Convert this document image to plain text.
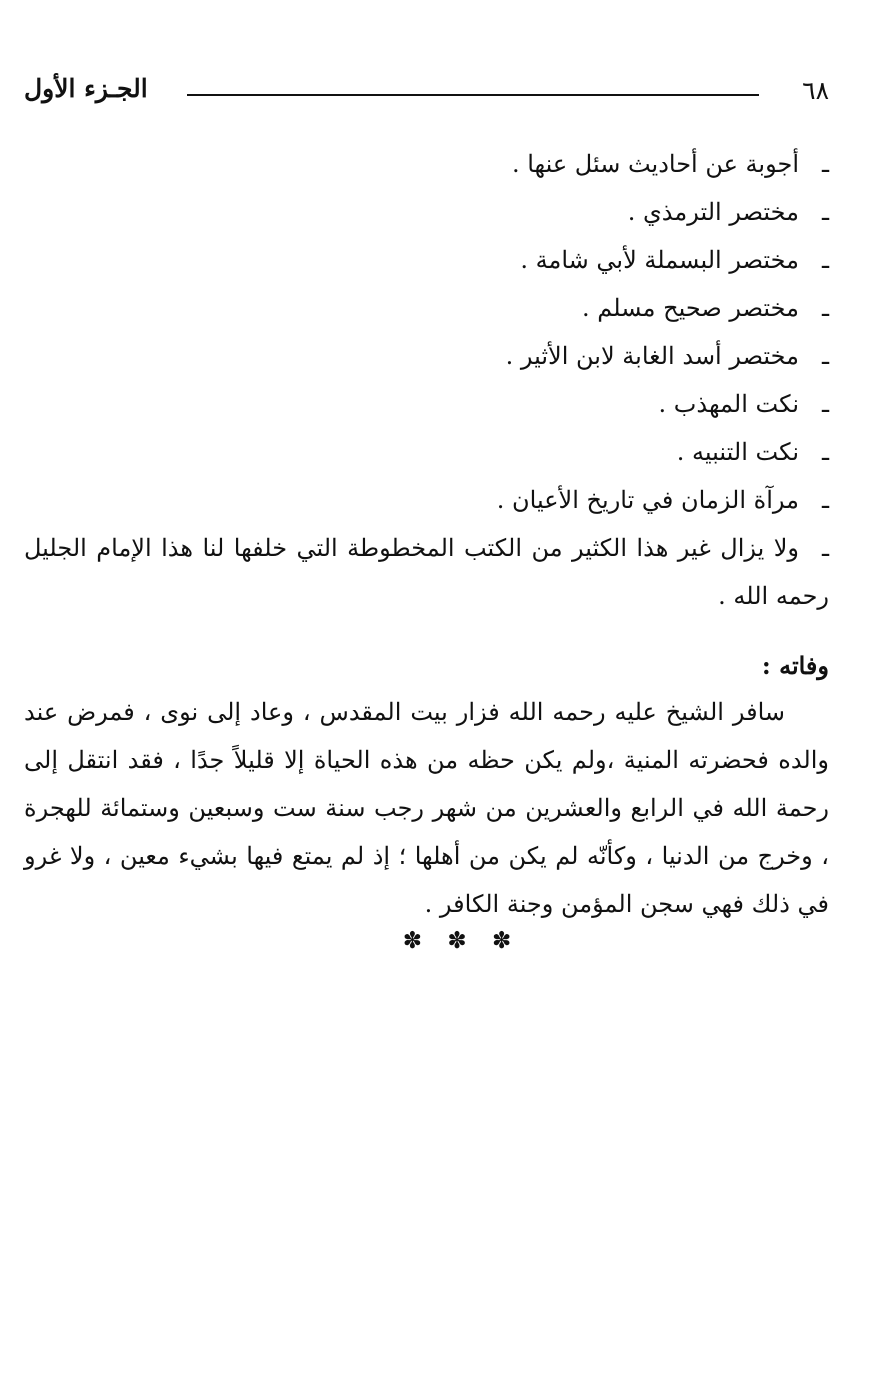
٦٨
الجـزء الأول
ـأجوبة عن أحاديث سئل عنها .
ـمختصر الترمذي .
ـمختصر البسملة لأبي شامة .
ـمختصر صحيح مسلم .
ـمختصر أسد الغابة لابن الأثير .
ـنكت المهذب .
ـنكت التنبيه .
ـمرآة الزمان في تاريخ الأعيان .

ـولا يزال غير هذا الكثير من الكتب المخطوطة التي خلفها لنا هذا الإمام الجليل رحمه الله .

وفاته :

سافر الشيخ عليه رحمه الله فزار بيت المقدس ، وعاد إلى نوى ، فمرض عند والده فحضرته المنية ،ولم يكن حظه من هذه الحياة إلا قليلاً جدًا ، فقد انتقل إلى رحمة الله في الرابع والعشرين من شهر رجب سنة ست وسبعين وستمائة للهجرة ، وخرج من الدنيا ، وكأنّه لم يكن من أهلها ؛ إذ لم يمتع فيها بشيء معين ، ولا غرو في ذلك فهي سجن المؤمن وجنة الكافر .

✽ ✽ ✽
